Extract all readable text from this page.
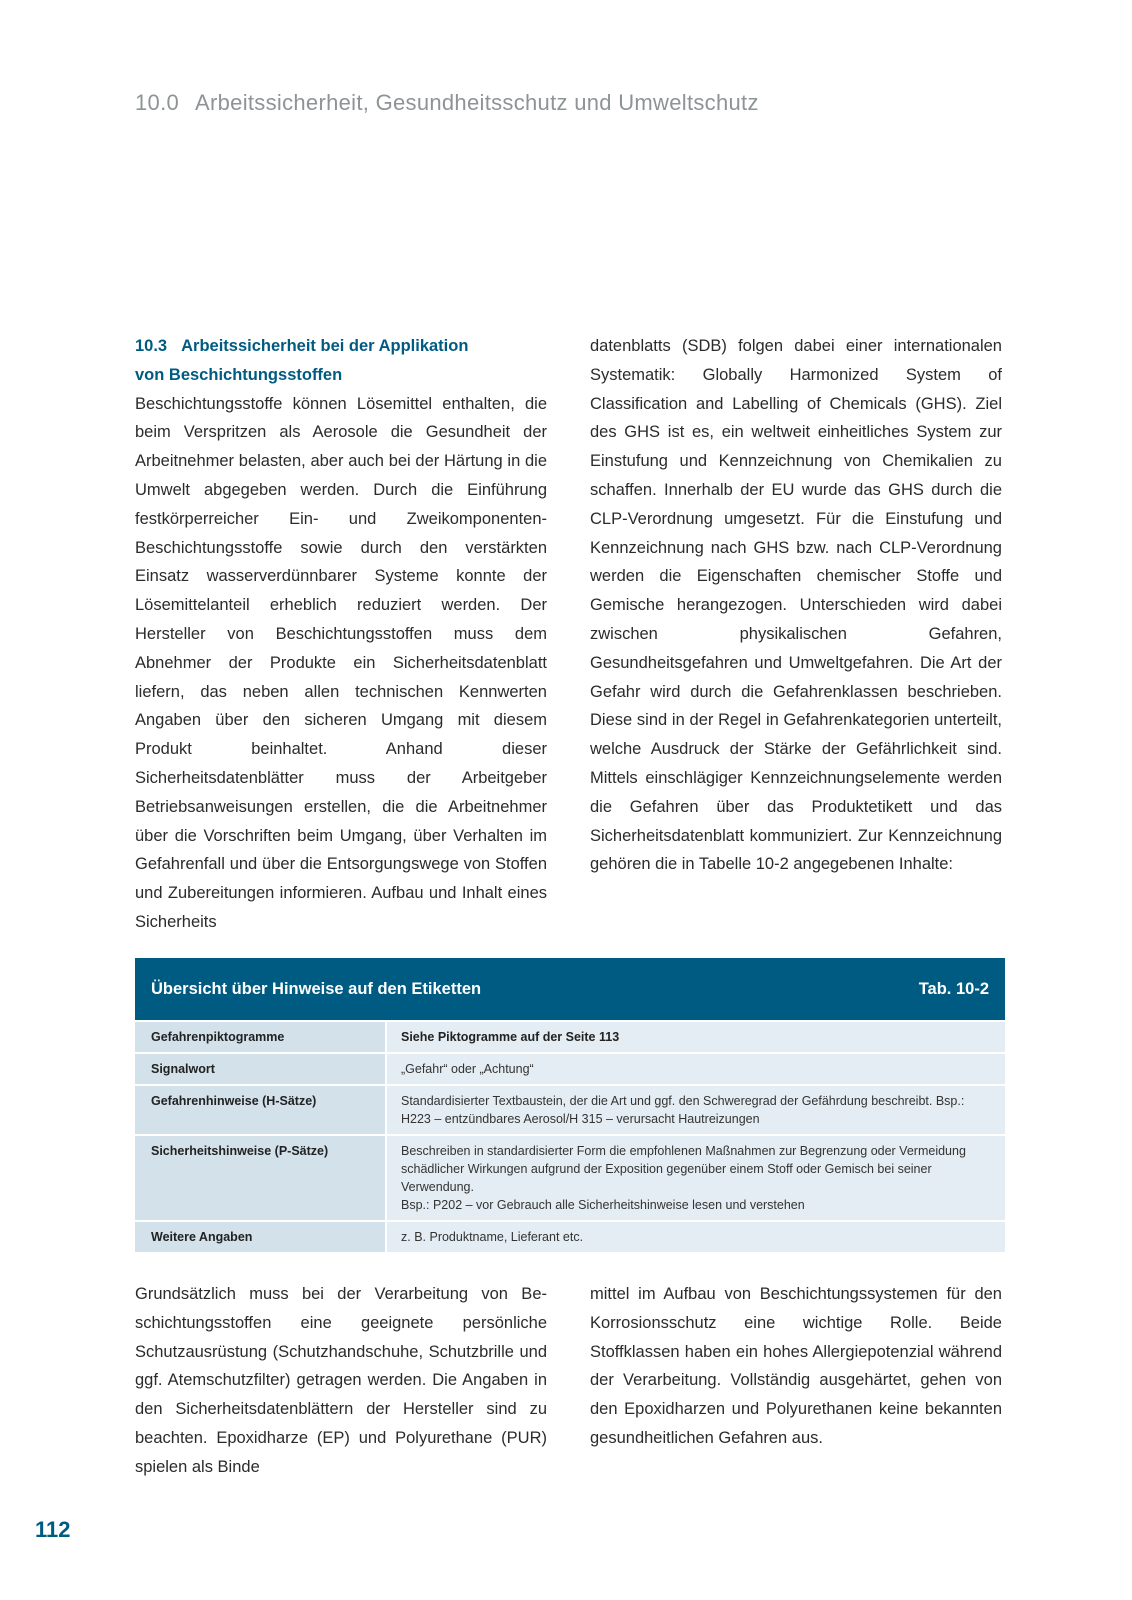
10.0 Arbeitssicherheit, Gesundheitsschutz und Umweltschutz
10.3 Arbeitssicherheit bei der Applikation
von Beschichtungsstoffen

Beschichtungsstoffe können Lösemittel enthalten, die beim Verspritzen als Aerosole die Gesundheit der Arbeitnehmer belasten, aber auch bei der Härtung in die Umwelt abgegeben werden. Durch die Einführung festkörperreicher Ein- und Zweikomponenten-Beschichtungsstoffe sowie durch den verstärkten Einsatz wasserverdünnbarer Systeme konnte der Lösemittelanteil erheblich reduziert werden. Der Hersteller von Beschichtungsstoffen muss dem Abnehmer der Produkte ein Sicherheitsdatenblatt liefern, das neben allen technischen Kennwerten Angaben über den sicheren Umgang mit diesem Produkt beinhaltet. Anhand dieser Sicherheitsdatenblätter muss der Arbeitgeber Betriebsanweisungen erstellen, die die Arbeitnehmer über die Vorschriften beim Umgang, über Verhalten im Gefahrenfall und über die Entsorgungswege von Stoffen und Zubereitungen informieren. Aufbau und Inhalt eines Sicherheits

datenblatts (SDB) folgen dabei einer internationalen Systematik: Globally Harmonized System of Classification and Labelling of Chemicals (GHS). Ziel des GHS ist es, ein weltweit einheitliches System zur Einstufung und Kennzeichnung von Chemikalien zu schaffen. Innerhalb der EU wurde das GHS durch die CLP-Verordnung umgesetzt. Für die Einstufung und Kennzeichnung nach GHS bzw. nach CLP-Verordnung werden die Eigenschaften chemischer Stoffe und Gemische herangezogen. Unterschieden wird dabei zwischen physikalischen Gefahren, Gesundheitsgefahren und Umweltgefahren. Die Art der Gefahr wird durch die Gefahrenklassen beschrieben. Diese sind in der Regel in Gefahrenkategorien unterteilt, welche Ausdruck der Stärke der Gefährlichkeit sind. Mittels einschlägiger Kennzeichnungselemente werden die Gefahren über das Produktetikett und das Sicherheitsdatenblatt kommuniziert. Zur Kennzeichnung gehören die in Tabelle 10-2 angegebenen Inhalte:

Übersicht über Hinweise auf den Etiketten	Tab. 10-2
Gefahrenpiktogramme	Siehe Piktogramme auf der Seite 113
Signalwort	„Gefahr“ oder „Achtung“
Gefahrenhinweise (H-Sätze)	Standardisierter Textbaustein, der die Art und ggf. den Schweregrad der Gefährdung beschreibt. Bsp.: H223 – entzündbares Aerosol/H 315 – verursacht Hautreizungen
Sicherheitshinweise (P-Sätze)	Beschreiben in standardisierter Form die empfohlenen Maßnahmen zur Begrenzung oder Vermeidung schädlicher Wirkungen aufgrund der Exposition gegenüber einem Stoff oder Gemisch bei seiner Verwendung.
Bsp.: P202 – vor Gebrauch alle Sicherheitshinweise lesen und verstehen
Weitere Angaben	z. B. Produktname, Lieferant etc.

Grundsätzlich muss bei der Verarbeitung von Beschichtungsstoffen eine geeignete persönliche Schutzausrüstung (Schutzhandschuhe, Schutzbrille und ggf. Atemschutzfilter) getragen werden. Die Angaben in den Sicherheitsdatenblättern der Hersteller sind zu beachten. Epoxidharze (EP) und Polyurethane (PUR) spielen als Binde

mittel im Aufbau von Beschichtungssystemen für den Korrosionsschutz eine wichtige Rolle. Beide Stoffklassen haben ein hohes Allergiepotenzial während der Verarbeitung. Vollständig ausgehärtet, gehen von den Epoxidharzen und Polyurethanen keine bekannten gesundheitlichen Gefahren aus.

112
